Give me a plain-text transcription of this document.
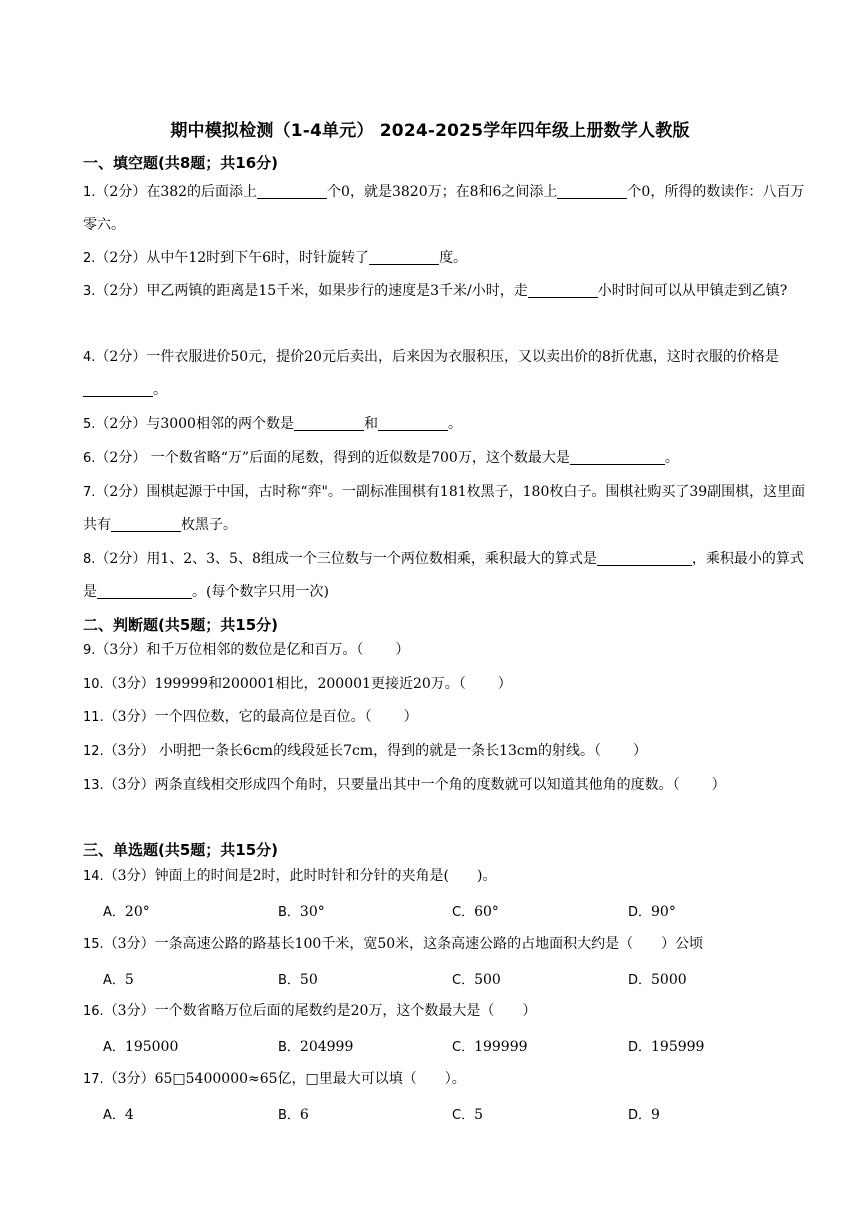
期中模拟检测（1-4单元） 2024-2025学年四年级上册数学人教版
一、填空题(共8题；共16分)
1.（2分）在382的后面添上	个0，就是3820万；在8和6之间添上	个0，所得的数读作：八百万零六。
2.（2分）从中午12时到下午6时，时针旋转了	度。
3.（2分）甲乙两镇的距离是15千米，如果步行的速度是3千米/小时，走	小时时间可以从甲镇走到乙镇?
4.（2分）一件衣服进价50元，提价20元后卖出，后来因为衣服积压，又以卖出价的8折优惠，这时衣服的价格是。
5.（2分）与3000相邻的两个数是	和	。
6.（2分） 一个数省略“万”后面的尾数，得到的近似数是700万，这个数最大是	。
7.（2分）围棋起源于中国，古时称“弈"。一副标准围棋有181枚黑子，180枚白子。围棋社购买了39副围棋，这里面共有	枚黑子。
8.（2分）用1、2、3、5、8组成一个三位数与一个两位数相乘，乘积最大的算式是	，乘积最小的算式是	。(每个数字只用一次)
二、判断题(共5题；共15分)
9.（3分）和千万位相邻的数位是亿和百万。（ ）
10.（3分）199999和200001相比，200001更接近20万。（ ）
11.（3分）一个四位数，它的最高位是百位。（ ）
12.（3分） 小明把一条长6cm的线段延长7cm，得到的就是一条长13cm的射线。（ ）
13.（3分）两条直线相交形成四个角时，只要量出其中一个角的度数就可以知道其他角的度数。（ ）
三、单选题(共5题；共15分)
14.（3分）钟面上的时间是2时，此时时针和分针的夹角是(　　)。
A．20°	B．30°	C．60°	D．90°
15.（3分）一条高速公路的路基长100千米，宽50米，这条高速公路的占地面积大约是（　　）公顷
A．5	B．50	C．500	D．5000
16.（3分）一个数省略万位后面的尾数约是20万，这个数最大是（　　）
A．195000	B．204999	C．199999	D．195999
17.（3分）65□5400000≈65亿，□里最大可以填（　　）。
A．4	B．6	C．5	D．9
